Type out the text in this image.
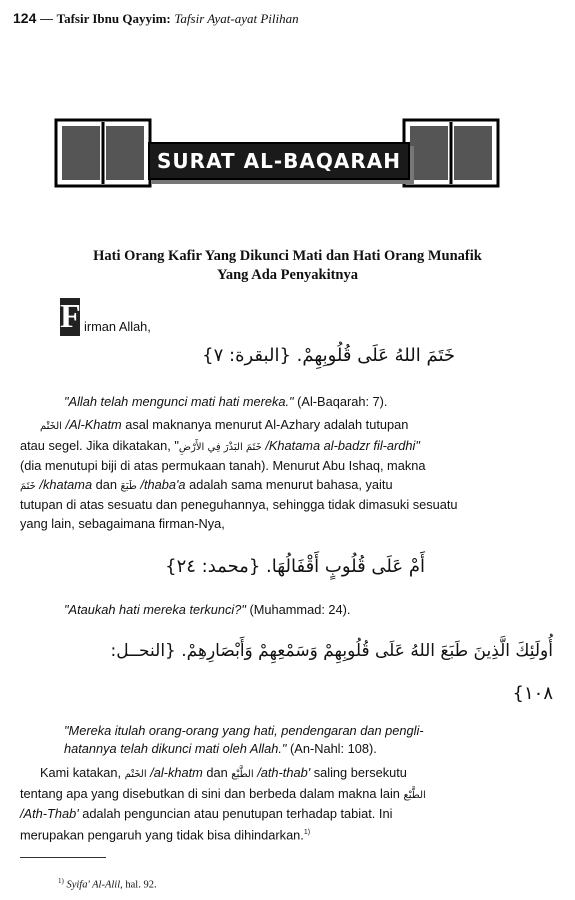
124 — Tafsir Ibnu Qayyim: Tafsir Ayat-ayat Pilihan
SURAT AL-BAQARAH
Hati Orang Kafir Yang Dikunci Mati dan Hati Orang Munafik
Yang Ada Penyakitnya
F irman Allah,
خَتَمَ اللهُ عَلَى قُلُوبِهِمْ. {البقرة: ٧}
"Allah telah mengunci mati hati mereka." (Al-Baqarah: 7).
الخَتْم /Al-Khatm asal maknanya menurut Al-Azhary adalah tutupan
atau segel. Jika dikatakan, "خَتَمَ البَذْرَ فِي الأَرْضِ /Khatama al-badzr fil-ardhi"
(dia menutupi biji di atas permukaan tanah). Menurut Abu Ishaq, makna
خَتَمَ /khatama dan طَبَعَ /thaba'a adalah sama menurut bahasa, yaitu
tutupan di atas sesuatu dan peneguhannya, sehingga tidak dimasuki sesuatu
yang lain, sebagaimana firman-Nya,
أَمْ عَلَى قُلُوبٍ أَقْفَالُهَا. {محمد: ٢٤}
"Ataukah hati mereka terkunci?" (Muhammad: 24).
أُولَئِكَ الَّذِينَ طَبَعَ اللهُ عَلَى قُلُوبِهِمْ وَسَمْعِهِمْ وَأَبْصَارِهِمْ. {النحــل:
١٠٨}
"Mereka itulah orang-orang yang hati, pendengaran dan pengli-
hatannya telah dikunci mati oleh Allah." (An-Nahl: 108).
Kami katakan, الخَتْم /al-khatm dan الطَّبْع /ath-thab' saling bersekutu
tentang apa yang disebutkan di sini dan berbeda dalam makna lain الطَّبْع
/Ath-Thab' adalah penguncian atau penutupan terhadap tabiat. Ini
merupakan pengaruh yang tidak bisa dihindarkan.$^{1)}$
$^{1)}$ Syifa' Al-Alil, hal. 92.
